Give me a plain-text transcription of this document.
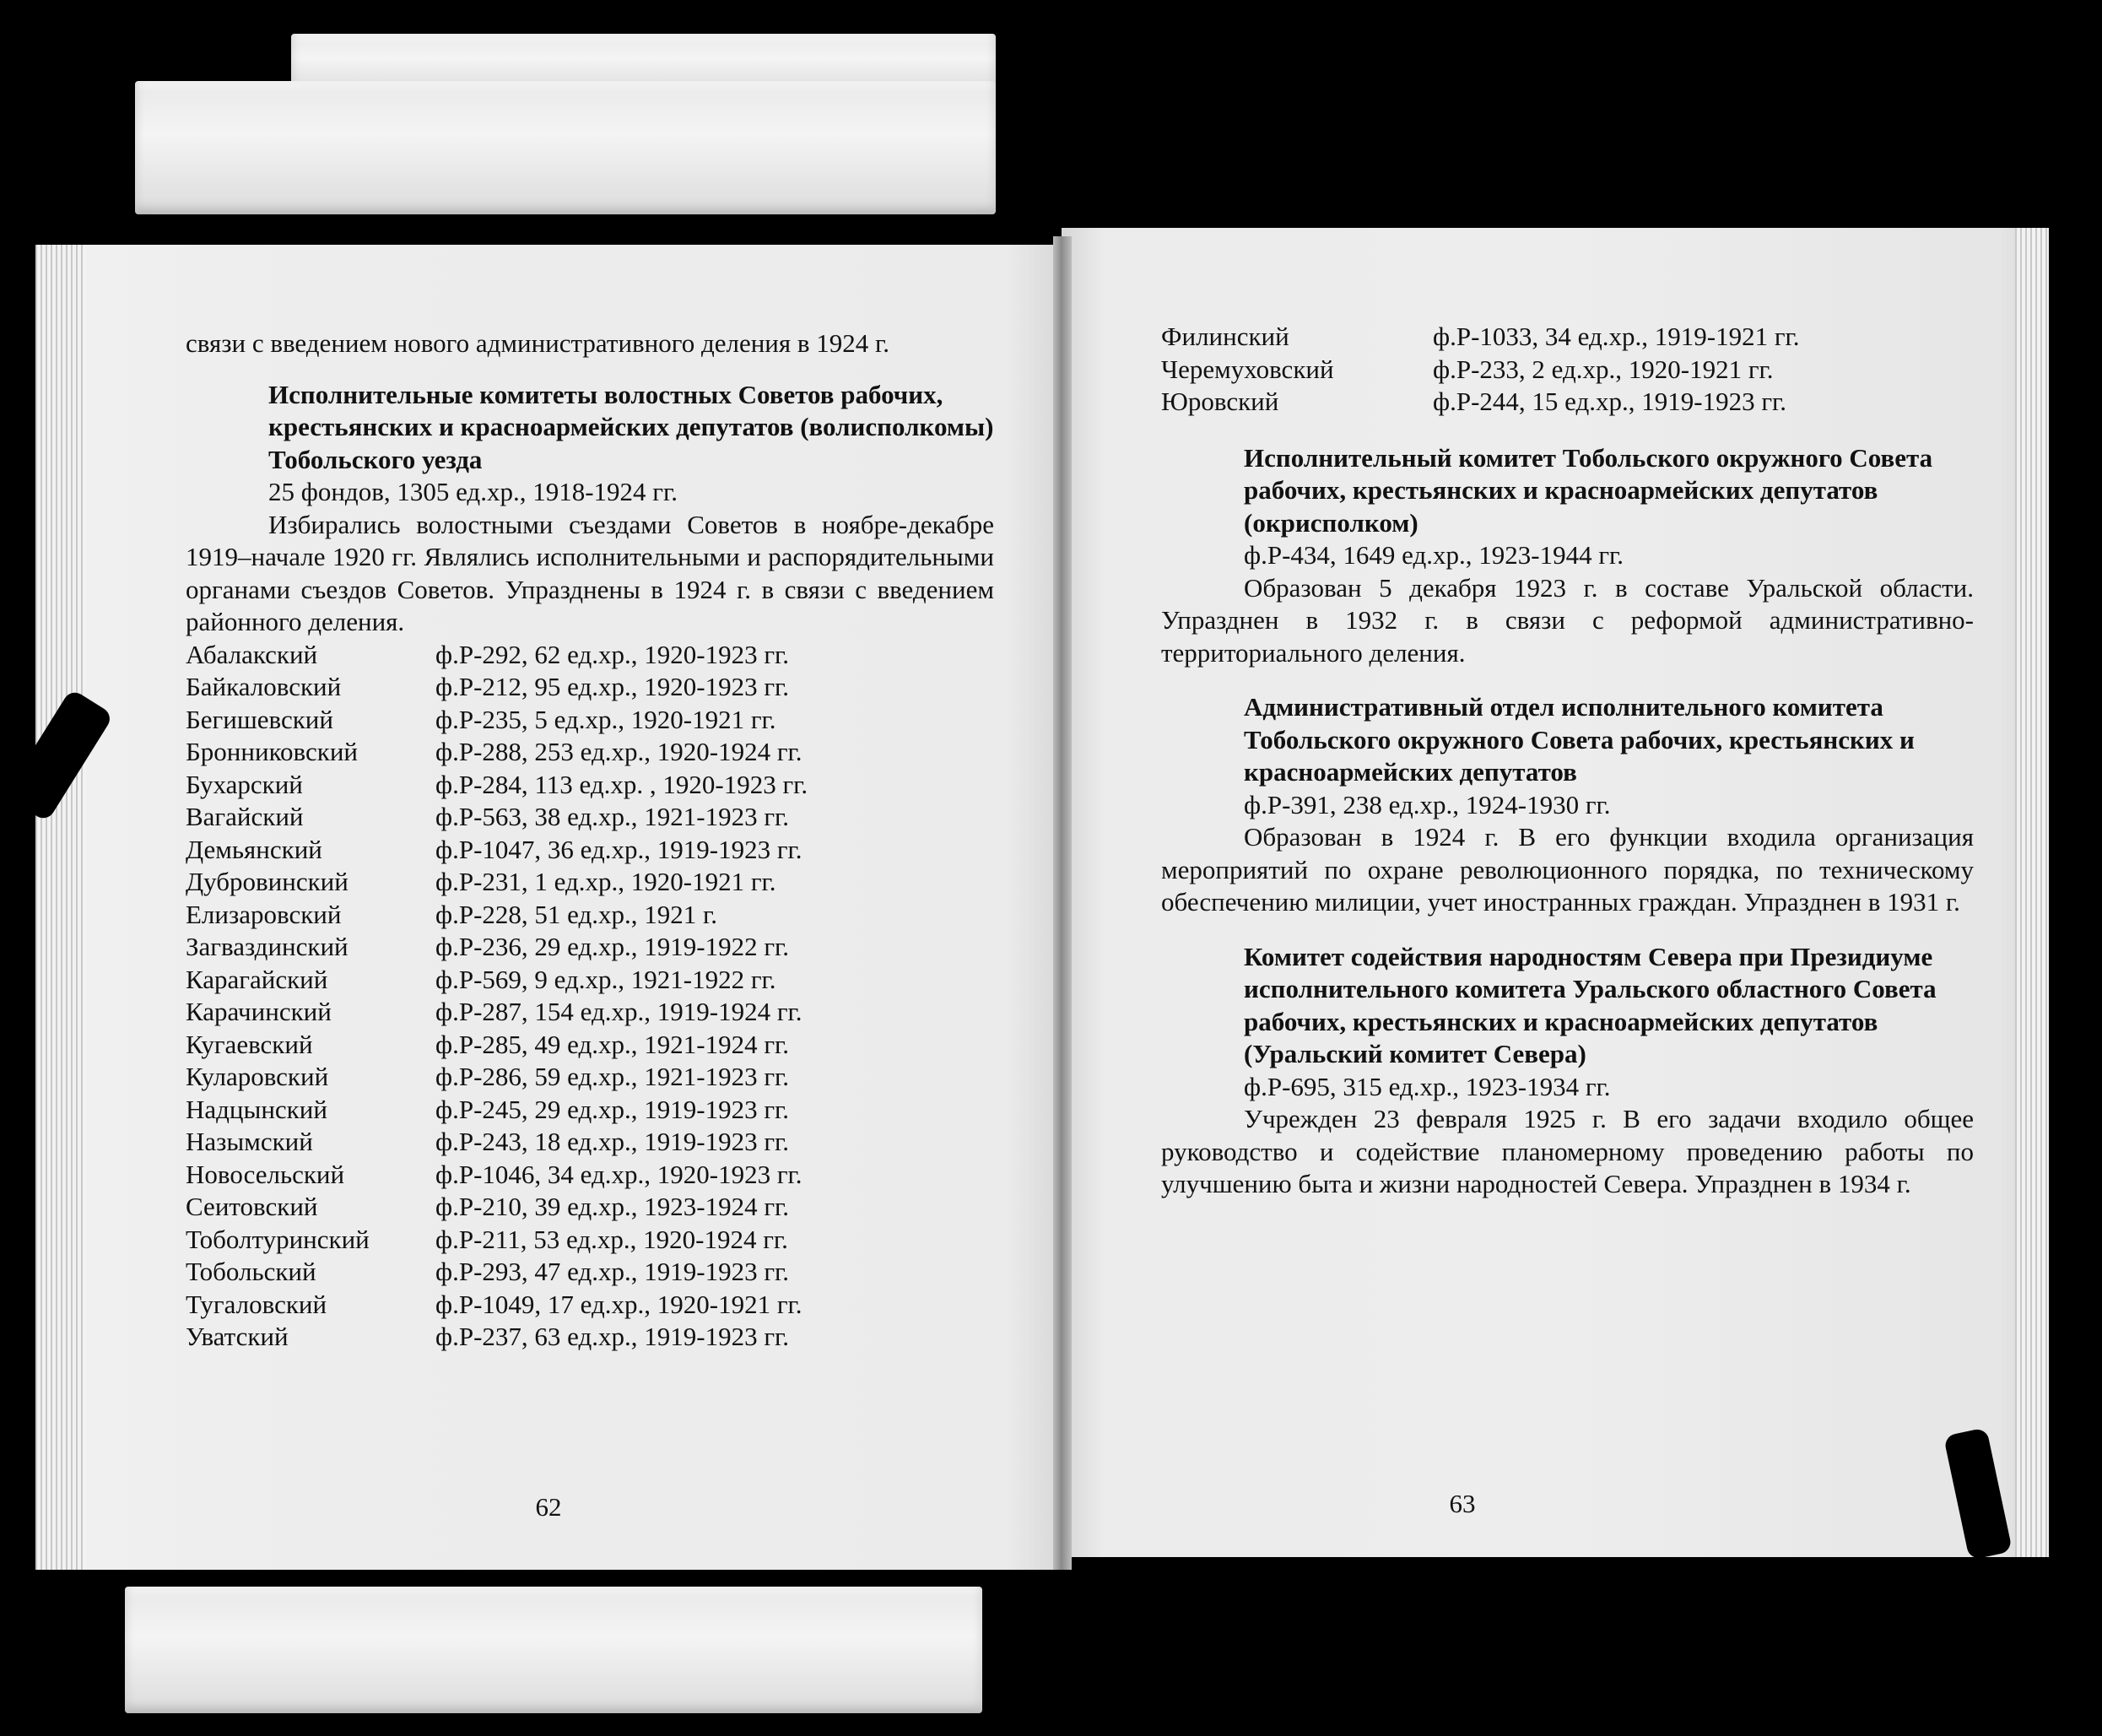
связи с введением нового административного деления в 1924 г.

Исполнительные комитеты волостных Советов рабочих, крестьянских и красноармейских депутатов (волисполкомы) Тобольского уезда

25 фондов, 1305 ед.хр., 1918-1924 гг.

Избирались волостными съездами Советов в ноябре-декабре 1919–начале 1920 гг. Являлись исполнительными и распорядительными органами съездов Советов. Упразднены в 1924 г. в связи с введением районного деления.

Абалакский	ф.Р-292, 62 ед.хр., 1920-1923 гг.
Байкаловский	ф.Р-212, 95 ед.хр., 1920-1923 гг.
Бегишевский	ф.Р-235, 5 ед.хр., 1920-1921 гг.
Бронниковский	ф.Р-288, 253 ед.хр., 1920-1924 гг.
Бухарский	ф.Р-284, 113 ед.хр. , 1920-1923 гг.
Вагайский	ф.Р-563, 38 ед.хр., 1921-1923 гг.
Демьянский	ф.Р-1047, 36 ед.хр., 1919-1923 гг.
Дубровинский	ф.Р-231, 1 ед.хр., 1920-1921 гг.
Елизаровский	ф.Р-228, 51 ед.хр., 1921 г.
Загваздинский	ф.Р-236, 29 ед.хр., 1919-1922 гг.
Карагайский	ф.Р-569, 9 ед.хр., 1921-1922 гг.
Карачинский	ф.Р-287, 154 ед.хр., 1919-1924 гг.
Кугаевский	ф.Р-285, 49 ед.хр., 1921-1924 гг.
Куларовский	ф.Р-286, 59 ед.хр., 1921-1923 гг.
Надцынский	ф.Р-245, 29 ед.хр., 1919-1923 гг.
Назымский	ф.Р-243, 18 ед.хр., 1919-1923 гг.
Новосельский	ф.Р-1046, 34 ед.хр., 1920-1923 гг.
Сеитовский	ф.Р-210, 39 ед.хр., 1923-1924 гг.
Тоболтуринский	ф.Р-211, 53 ед.хр., 1920-1924 гг.
Тобольский	ф.Р-293, 47 ед.хр., 1919-1923 гг.
Тугаловский	ф.Р-1049, 17 ед.хр., 1920-1921 гг.
Уватский	ф.Р-237, 63 ед.хр., 1919-1923 гг.
62
Филинский	ф.Р-1033, 34 ед.хр., 1919-1921 гг.
Черемуховский	ф.Р-233, 2 ед.хр., 1920-1921 гг.
Юровский	ф.Р-244, 15 ед.хр., 1919-1923 гг.

Исполнительный комитет Тобольского окружного Совета рабочих, крестьянских и красноармейских депутатов (окрисполком)

ф.Р-434, 1649 ед.хр., 1923-1944 гг.

Образован 5 декабря 1923 г. в составе Уральской области. Упразднен в 1932 г. в связи с реформой административно-территориального деления.

Административный отдел исполнительного комитета Тобольского окружного Совета рабочих, крестьянских и красноармейских депутатов

ф.Р-391, 238 ед.хр., 1924-1930 гг.

Образован в 1924 г. В его функции входила организация мероприятий по охране революционного порядка, по техническому обеспечению милиции, учет иностранных граждан. Упразднен в 1931 г.

Комитет содействия народностям Севера при Президиуме исполнительного комитета Уральского областного Совета рабочих, крестьянских и красноармейских депутатов (Уральский комитет Севера)

ф.Р-695, 315 ед.хр., 1923-1934 гг.

Учрежден 23 февраля 1925 г. В его задачи входило общее руководство и содействие планомерному проведению работы по улучшению быта и жизни народностей Севера. Упразднен в 1934 г.

63
